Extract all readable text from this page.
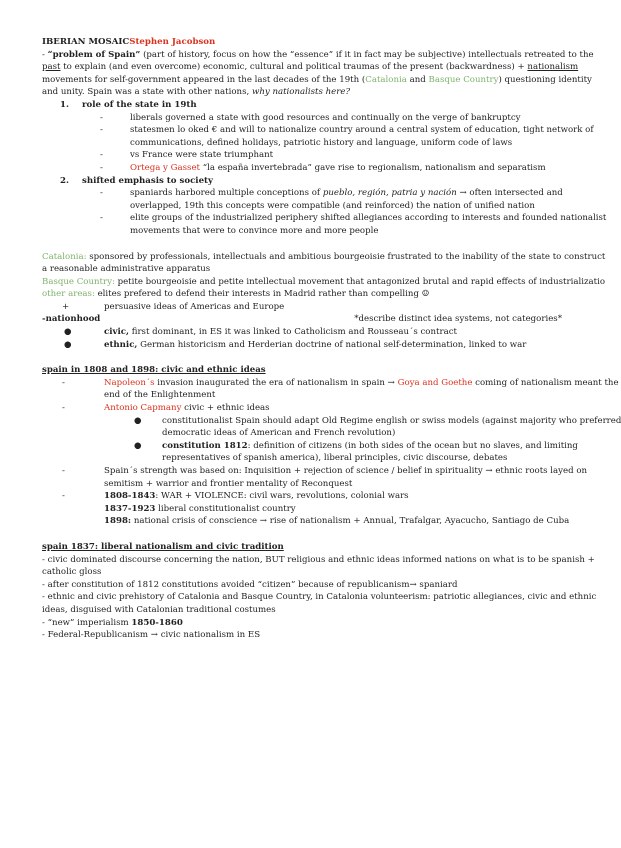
IBERIAN MOSAICStephen Jacobson
- “problem of Spain” (part of history, focus on how the “essence” if it in fact may be subjective) intellectuals retreated to the
past to explain (and even overcome) economic, cultural and political traumas of the present (backwardness) + nationalism
movements for self-government appeared in the last decades of the 19th (Catalonia and Basque Country) questioning identity
and unity. Spain was a state with other nations, why nationalists here?
1. role of the state in 19th
-	liberals governed a state with good resources and continually on the verge of bankruptcy
-	statesmen lo oked € and will to nationalize country around a central system of education, tight network of
communications, defined holidays, patriotic history and language, uniform code of laws
-	vs France were state triumphant
-	Ortega y Gasset “la españa invertebrada” gave rise to regionalism, nationalism and separatism
2. shifted emphasis to society
-	spaniards harbored multiple conceptions of pueblo, región, patria y nación → often intersected and
overlapped, 19th this concepts were compatible (and reinforced) the nation of unified nation
-	elite groups of the industrialized periphery shifted allegiances according to interests and founded nationalist
movements that were to convince more and more people
Catalonia: sponsored by professionals, intellectuals and ambitious bourgeoisie frustrated to the inability of the state to construct
a reasonable administrative apparatus
Basque Country: petite bourgeoisie and petite intellectual movement that antagonized brutal and rapid effects of industrializatio
other areas: elites prefered to defend their interests in Madrid rather than compelling ☺
+	persuasive ideas of Americas and Europe
-nationhood	*describe distinct idea systems, not categories*
●	civic, first dominant, in ES it was linked to Catholicism and Rousseau´s contract
●	ethnic, German historicism and Herderian doctrine of national self-determination, linked to war
spain in 1808 and 1898: civic and ethnic ideas
-	Napoleon´s invasion inaugurated the era of nationalism in spain → Goya and Goethe coming of nationalism meant the
end of the Enlightenment
-	Antonio Capmany civic + ethnic ideas
● constitutionalist Spain should adapt Old Regime english or swiss models (against majority who preferred
democratic ideas of American and French revolution)
● constitution 1812: definition of citizens (in both sides of the ocean but no slaves, and limiting
representatives of spanish america), liberal principles, civic discourse, debates
-	Spain´s strength was based on: Inquisition + rejection of science / belief in spirituality → ethnic roots layed on
semitism + warrior and frontier mentality of Reconquest
-	1808-1843: WAR + VIOLENCE: civil wars, revolutions, colonial wars
1837-1923 liberal constitutionalist country
1898: national crisis of conscience → rise of nationalism + Annual, Trafalgar, Ayacucho, Santiago de Cuba
spain 1837: liberal nationalism and civic tradition
- civic dominated discourse concerning the nation, BUT religious and ethnic ideas informed nations on what is to be spanish +
catholic gloss
- after constitution of 1812 constitutions avoided “citizen” because of republicanism→ spaniard
- ethnic and civic prehistory of Catalonia and Basque Country, in Catalonia volunteerism: patriotic allegiances, civic and ethnic
ideas, disguised with Catalonian traditional costumes
- “new” imperialism 1850-1860
- Federal-Republicanism → civic nationalism in ES
